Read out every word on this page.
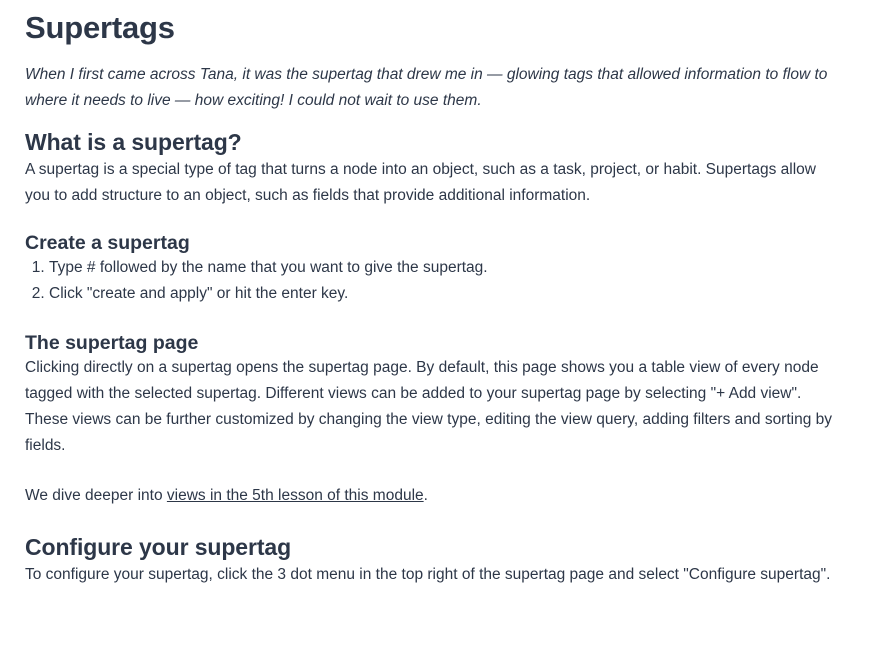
Supertags

When I first came across Tana, it was the supertag that drew me in — glowing tags that allowed information to flow to where it needs to live — how exciting! I could not wait to use them.

What is a supertag?

A supertag is a special type of tag that turns a node into an object, such as a task, project, or habit. Supertags allow you to add structure to an object, such as fields that provide additional information.

Create a supertag
1. Type # followed by the name that you want to give the supertag.
2. Click "create and apply" or hit the enter key.
The supertag page

Clicking directly on a supertag opens the supertag page. By default, this page shows you a table view of every node tagged with the selected supertag. Different views can be added to your supertag page by selecting "+ Add view". These views can be further customized by changing the view type, editing the view query, adding filters and sorting by fields.

We dive deeper into views in the 5th lesson of this module.

Configure your supertag

To configure your supertag, click the 3 dot menu in the top right of the supertag page and select "Configure supertag".
